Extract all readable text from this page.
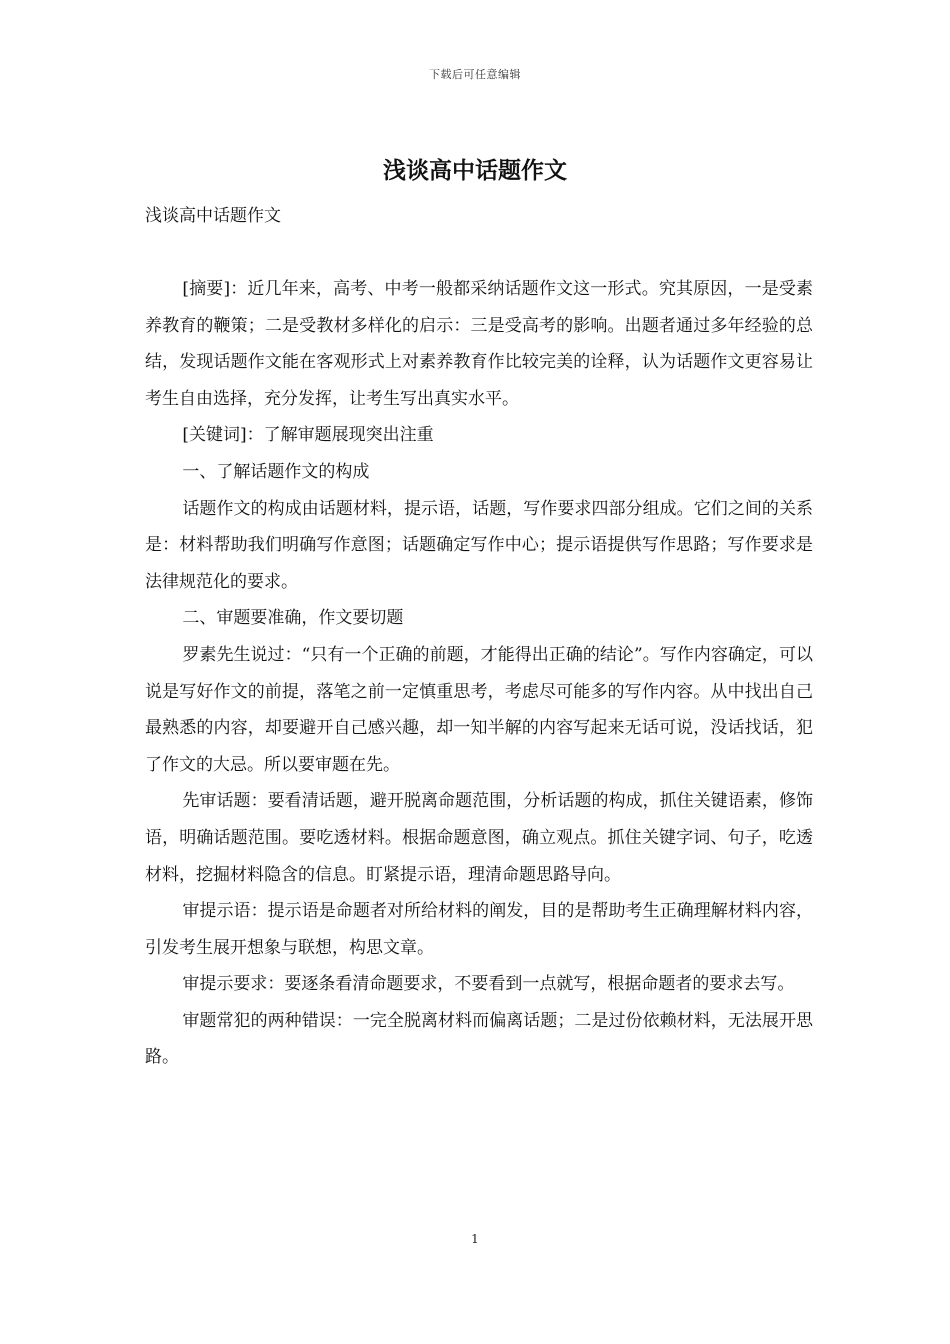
下载后可任意编辑
浅谈高中话题作文

浅谈高中话题作文

[摘要]：近几年来，高考、中考一般都采纳话题作文这一形式。究其原因，一是受素养教育的鞭策；二是受教材多样化的启示：三是受高考的影响。出题者通过多年经验的总结，发现话题作文能在客观形式上对素养教育作比较完美的诠释，认为话题作文更容易让考生自由选择，充分发挥，让考生写出真实水平。

[关键词]：了解审题展现突出注重

一、了解话题作文的构成

话题作文的构成由话题材料，提示语，话题，写作要求四部分组成。它们之间的关系是：材料帮助我们明确写作意图；话题确定写作中心；提示语提供写作思路；写作要求是法律规范化的要求。

二、审题要准确，作文要切题

罗素先生说过：“只有一个正确的前题，才能得出正确的结论”。写作内容确定，可以说是写好作文的前提，落笔之前一定慎重思考，考虑尽可能多的写作内容。从中找出自己最熟悉的内容，却要避开自己感兴趣，却一知半解的内容写起来无话可说，没话找话，犯了作文的大忌。所以要审题在先。

先审话题：要看清话题，避开脱离命题范围，分析话题的构成，抓住关键语素，修饰语，明确话题范围。要吃透材料。根据命题意图，确立观点。抓住关键字词、句子，吃透材料，挖掘材料隐含的信息。盯紧提示语，理清命题思路导向。

审提示语：提示语是命题者对所给材料的阐发，目的是帮助考生正确理解材料内容，引发考生展开想象与联想，构思文章。

审提示要求：要逐条看清命题要求，不要看到一点就写，根据命题者的要求去写。

审题常犯的两种错误：一完全脱离材料而偏离话题；二是过份依赖材料，无法展开思路。

1
